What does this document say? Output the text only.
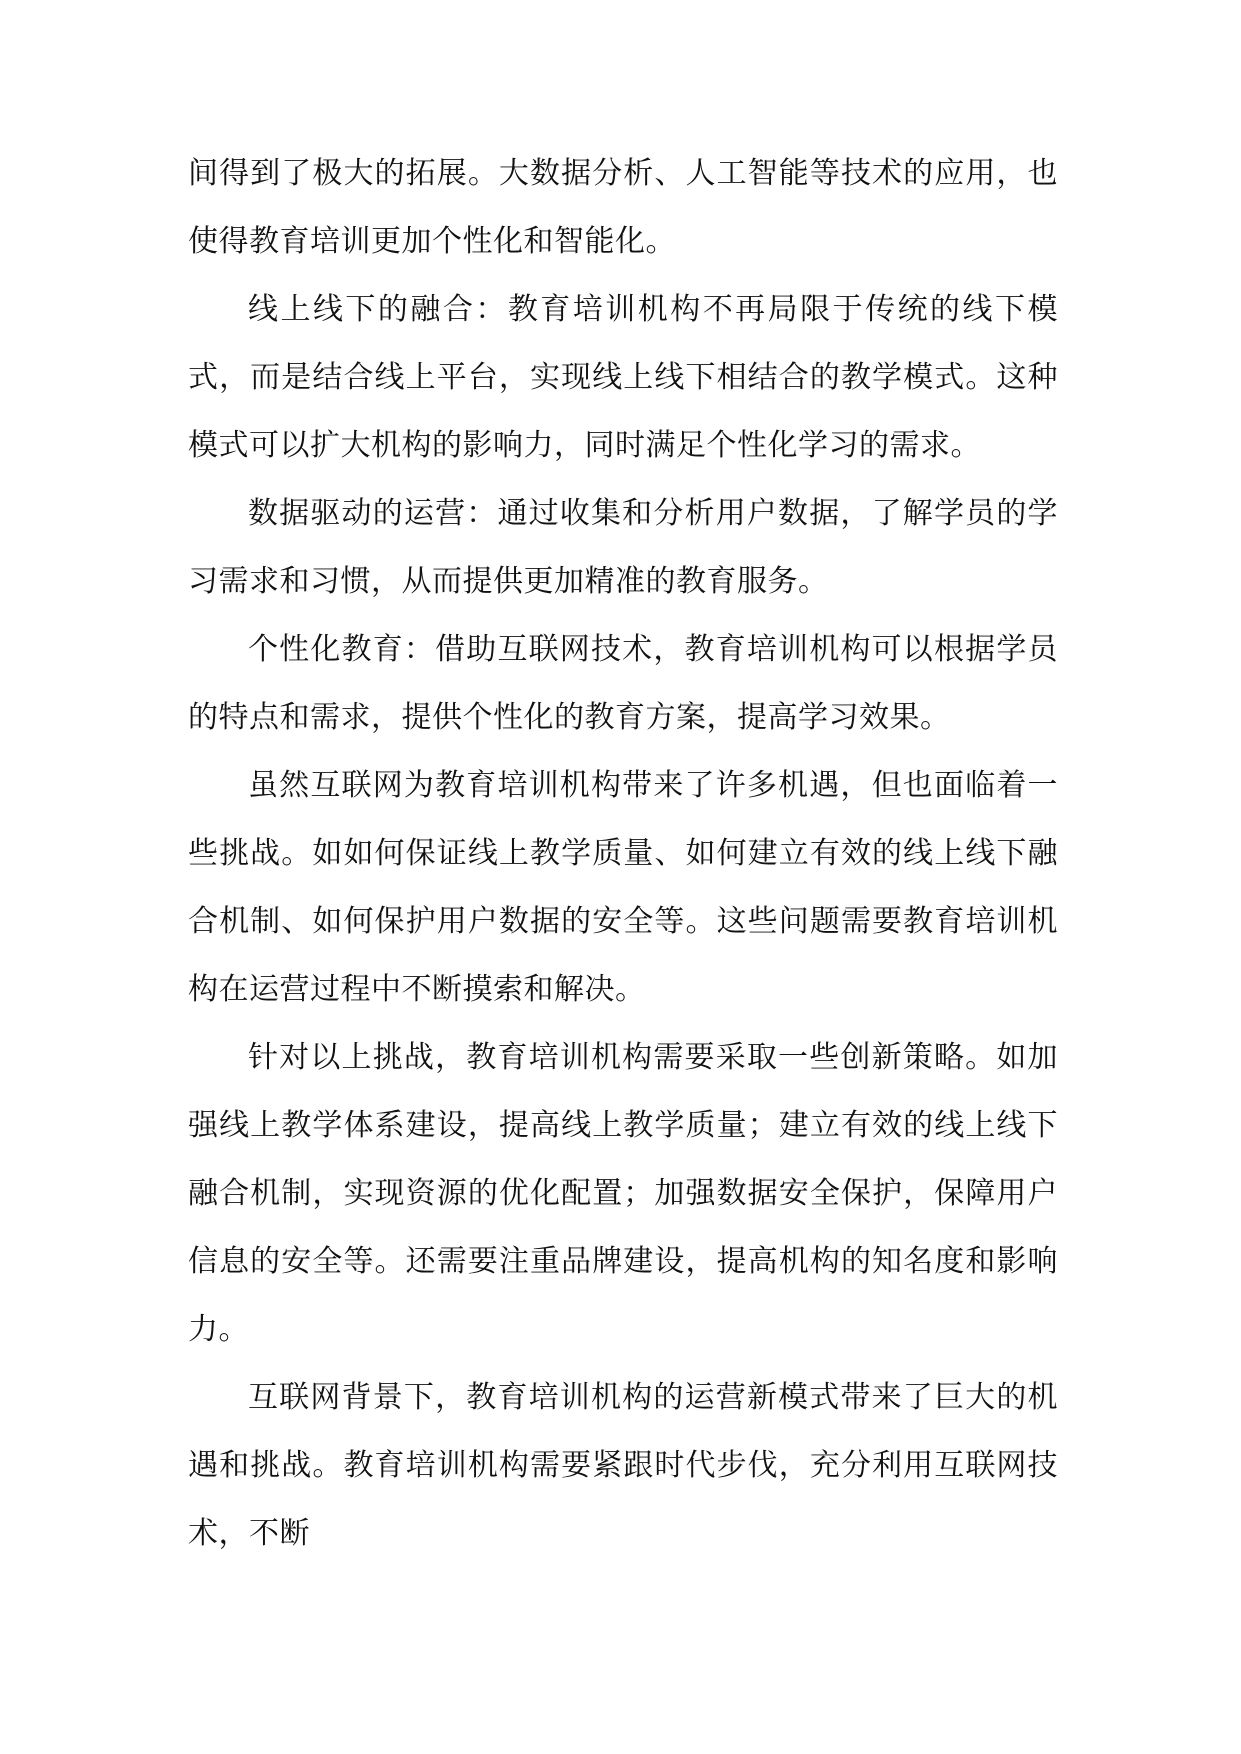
间得到了极大的拓展。大数据分析、人工智能等技术的应用，也使得教育培训更加个性化和智能化。

线上线下的融合：教育培训机构不再局限于传统的线下模式，而是结合线上平台，实现线上线下相结合的教学模式。这种模式可以扩大机构的影响力，同时满足个性化学习的需求。

数据驱动的运营：通过收集和分析用户数据，了解学员的学习需求和习惯，从而提供更加精准的教育服务。

个性化教育：借助互联网技术，教育培训机构可以根据学员的特点和需求，提供个性化的教育方案，提高学习效果。

虽然互联网为教育培训机构带来了许多机遇，但也面临着一些挑战。如如何保证线上教学质量、如何建立有效的线上线下融合机制、如何保护用户数据的安全等。这些问题需要教育培训机构在运营过程中不断摸索和解决。

针对以上挑战，教育培训机构需要采取一些创新策略。如加强线上教学体系建设，提高线上教学质量；建立有效的线上线下融合机制，实现资源的优化配置；加强数据安全保护，保障用户信息的安全等。还需要注重品牌建设，提高机构的知名度和影响力。

互联网背景下，教育培训机构的运营新模式带来了巨大的机遇和挑战。教育培训机构需要紧跟时代步伐，充分利用互联网技术，不断
